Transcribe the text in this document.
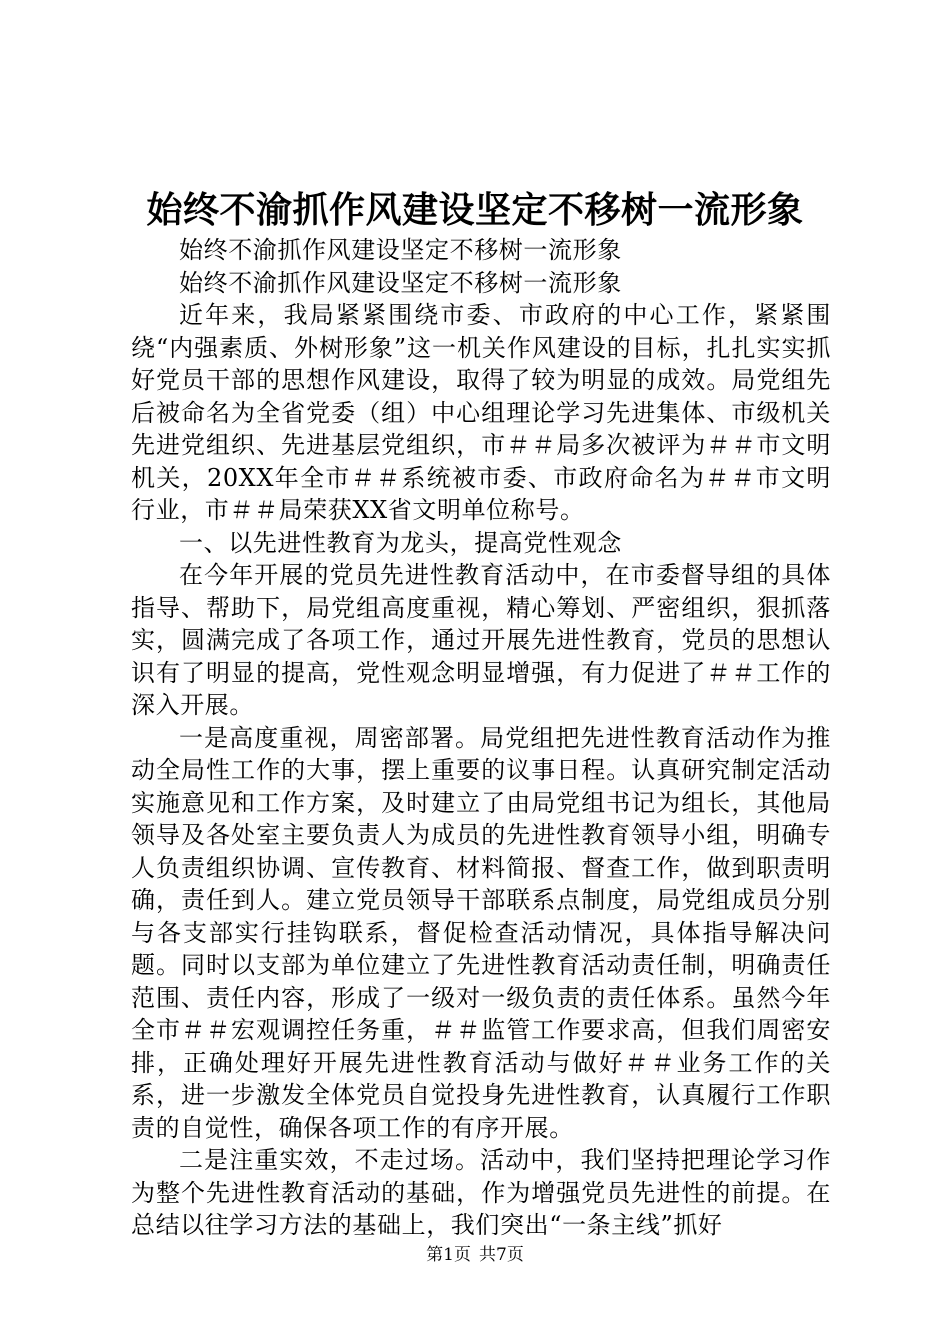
始终不渝抓作风建设坚定不移树一流形象

始终不渝抓作风建设坚定不移树一流形象

始终不渝抓作风建设坚定不移树一流形象

近年来，我局紧紧围绕市委、市政府的中心工作，紧紧围绕“内强素质、外树形象”这一机关作风建设的目标，扎扎实实抓好党员干部的思想作风建设，取得了较为明显的成效。局党组先后被命名为全省党委（组）中心组理论学习先进集体、市级机关先进党组织、先进基层党组织，市＃＃局多次被评为＃＃市文明机关，20XX年全市＃＃系统被市委、市政府命名为＃＃市文明行业，市＃＃局荣获XX省文明单位称号。

一、以先进性教育为龙头，提高党性观念

在今年开展的党员先进性教育活动中，在市委督导组的具体指导、帮助下，局党组高度重视，精心筹划、严密组织，狠抓落实，圆满完成了各项工作，通过开展先进性教育，党员的思想认识有了明显的提高，党性观念明显增强，有力促进了＃＃工作的深入开展。

一是高度重视，周密部署。局党组把先进性教育活动作为推动全局性工作的大事，摆上重要的议事日程。认真研究制定活动实施意见和工作方案，及时建立了由局党组书记为组长，其他局领导及各处室主要负责人为成员的先进性教育领导小组，明确专人负责组织协调、宣传教育、材料简报、督查工作，做到职责明确，责任到人。建立党员领导干部联系点制度，局党组成员分别与各支部实行挂钩联系，督促检查活动情况，具体指导解决问题。同时以支部为单位建立了先进性教育活动责任制，明确责任范围、责任内容，形成了一级对一级负责的责任体系。虽然今年全市＃＃宏观调控任务重，＃＃监管工作要求高，但我们周密安排，正确处理好开展先进性教育活动与做好＃＃业务工作的关系，进一步激发全体党员自觉投身先进性教育，认真履行工作职责的自觉性，确保各项工作的有序开展。

二是注重实效，不走过场。活动中，我们坚持把理论学习作为整个先进性教育活动的基础，作为增强党员先进性的前提。在总结以往学习方法的基础上，我们突出“一条主线”抓好

第1页 共7页
